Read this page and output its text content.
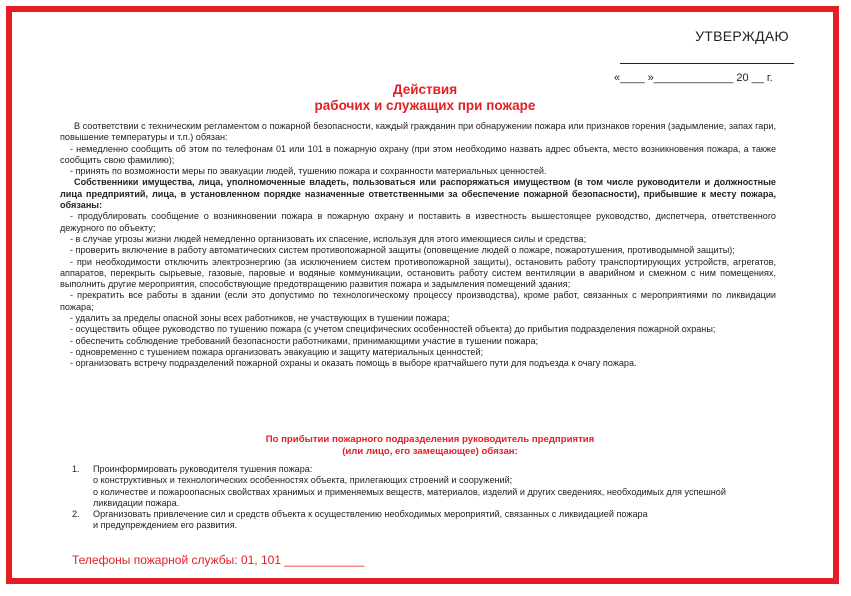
УТВЕРЖДАЮ
«____ »_____________ 20 __ г.
Действия
рабочих и служащих при пожаре

В соответствии с техническим регламентом о пожарной безопасности, каждый гражданин при обнаружении пожара или признаков горения (задымление, запах гари, повышение температуры и т.п.) обязан:

- немедленно сообщить об этом по телефонам 01 или 101 в пожарную охрану (при этом необходимо назвать адрес объекта, место возникновения пожара, а также сообщить свою фамилию);

- принять по возможности меры по эвакуации людей, тушению пожара и сохранности материальных ценностей.

Собственники имущества, лица, уполномоченные владеть, пользоваться или распоряжаться имуществом (в том числе руководители и должностные лица предприятий, лица, в установленном порядке назначенные ответственными за обеспечение пожарной безопасности), прибывшие к месту пожара, обязаны:

- продублировать сообщение о возникновении пожара в пожарную охрану и поставить в известность вышестоящее руководство, диспетчера, ответственного дежурного по объекту;

- в случае угрозы жизни людей немедленно организовать их спасение, используя для этого имеющиеся силы и средства;

- проверить включение в работу автоматических систем противопожарной защиты (оповещение людей о пожаре, пожаротушения, противодымной защиты);

- при необходимости отключить электроэнергию (за исключением систем противопожарной защиты), остановить работу транспортирующих устройств, агрегатов, аппаратов, перекрыть сырьевые, газовые, паровые и водяные коммуникации, остановить работу систем вентиляции в аварийном и смежном с ним помещениях, выполнить другие мероприятия, способствующие предотвращению развития пожара и задымления помещений здания;

- прекратить все работы в здании (если это допустимо по технологическому процессу производства), кроме работ, связанных с мероприятиями по ликвидации пожара;

- удалить за пределы опасной зоны всех работников, не участвующих в тушении пожара;

- осуществить общее руководство по тушению пожара (с учетом специфических особенностей объекта) до прибытия подразделения пожарной охраны;

- обеспечить соблюдение требований безопасности работниками, принимающими участие в тушении пожара;

- одновременно с тушением пожара организовать эвакуацию и защиту материальных ценностей;

- организовать встречу подразделений пожарной охраны и оказать помощь в выборе кратчайшего пути для подъезда к очагу пожара.

По прибытии пожарного подразделения руководитель предприятия
(или лицо, его замещающее) обязан:
1.	Проинформировать руководителя тушения пожара:
о конструктивных и технологических особенностях объекта, прилегающих строений и сооружений;
о количестве и пожароопасных свойствах хранимых и применяемых веществ, материалов, изделий и других сведениях, необходимых для успешной ликвидации пожара.
2.	Организовать привлечение сил и средств объекта к осуществлению необходимых мероприятий, связанных с ликвидацией пожара и предупреждением его развития.
Телефоны пожарной службы: 01, 101 ____________
